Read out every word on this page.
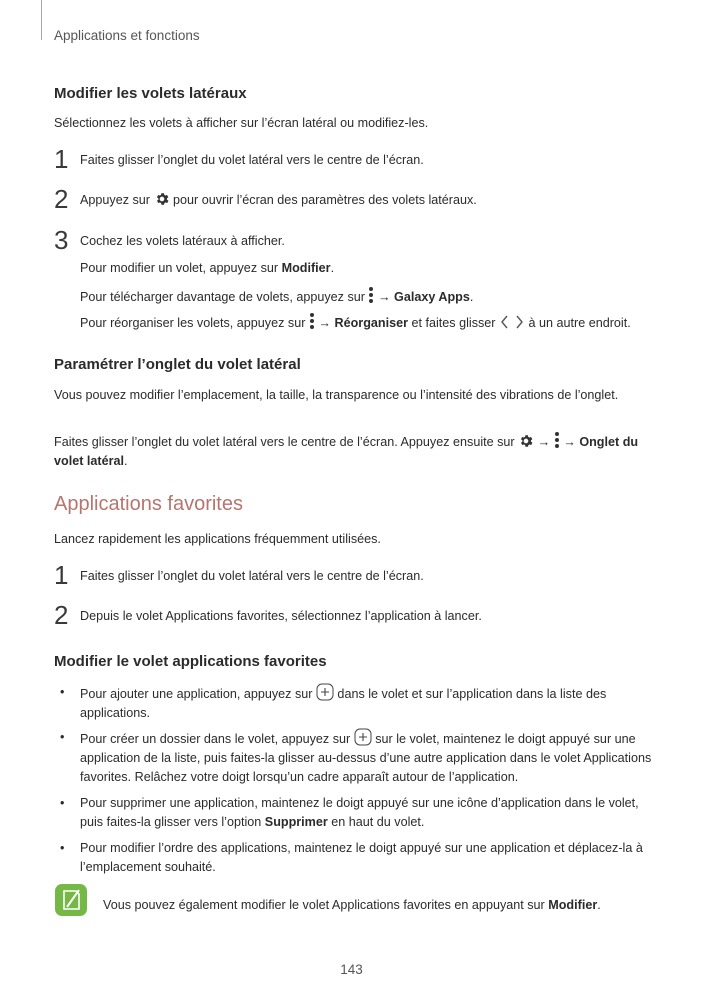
Applications et fonctions
Modifier les volets latéraux

Sélectionnez les volets à afficher sur l’écran latéral ou modifiez-les.

1 Faites glisser l’onglet du volet latéral vers le centre de l’écran.
2 Appuyez sur  pour ouvrir l’écran des paramètres des volets latéraux.
3 Cochez les volets latéraux à afficher.

Pour modifier un volet, appuyez sur Modifier.

Pour télécharger davantage de volets, appuyez sur  → Galaxy Apps.

Pour réorganiser les volets, appuyez sur  → Réorganiser et faites glisser  à un autre endroit.

Paramétrer l’onglet du volet latéral

Vous pouvez modifier l’emplacement, la taille, la transparence ou l’intensité des vibrations de l’onglet.

Faites glisser l’onglet du volet latéral vers le centre de l’écran. Appuyez ensuite sur  →  → Onglet du volet latéral.

Applications favorites

Lancez rapidement les applications fréquemment utilisées.

1 Faites glisser l’onglet du volet latéral vers le centre de l’écran.
2 Depuis le volet Applications favorites, sélectionnez l’application à lancer.
Modifier le volet applications favorites
• Pour ajouter une application, appuyez sur  dans le volet et sur l’application dans la liste des applications.
• Pour créer un dossier dans le volet, appuyez sur  sur le volet, maintenez le doigt appuyé sur une application de la liste, puis faites-la glisser au-dessus d’une autre application dans le volet Applications favorites. Relâchez votre doigt lorsqu’un cadre apparaît autour de l’application.
• Pour supprimer une application, maintenez le doigt appuyé sur une icône d’application dans le volet, puis faites-la glisser vers l’option Supprimer en haut du volet.
• Pour modifier l’ordre des applications, maintenez le doigt appuyé sur une application et déplacez-la à l’emplacement souhaité.

Vous pouvez également modifier le volet Applications favorites en appuyant sur Modifier.

143
